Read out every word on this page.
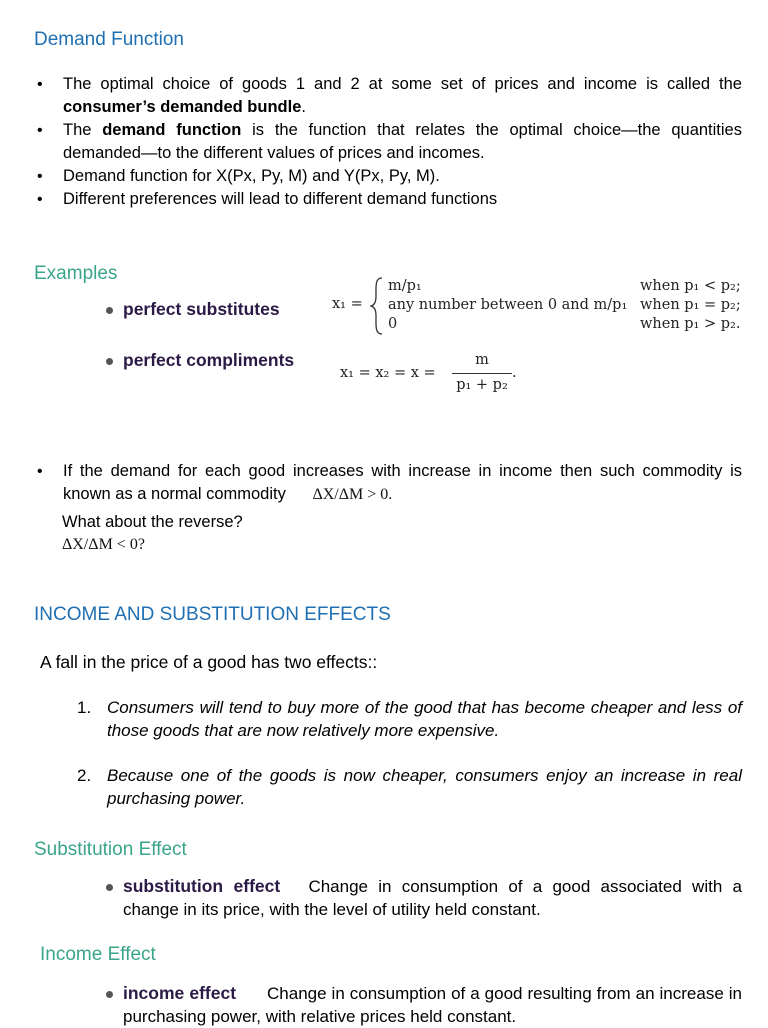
Demand Function
• The optimal choice of goods 1 and 2 at some set of prices and income is called the consumer’s demanded bundle.
• The demand function is the function that relates the optimal choice—the quantities demanded—to the different values of prices and incomes.
• Demand function for X(Px, Py, M) and Y(Px, Py, M).
• Different preferences will lead to different demand functions
Examples
perfect substitutes	x₁ =
m/p₁
any number between 0 and m/p₁
0
when p₁ < p₂;
when p₁ = p₂;
when p₁ > p₂.
perfect compliments
x₁ = x₂ = x =
m
p₁ + p₂
.
•	If the demand for each good increases with increase in income then such commodity is known as a normal commodity ΔX/ΔM > 0.
What about the reverse?
ΔX/ΔM < 0?
INCOME AND SUBSTITUTION EFFECTS
A fall in the price of a good has two effects::
1. Consumers will tend to buy more of the good that has become cheaper and less of those goods that are now relatively more expensive.
2. Because one of the goods is now cheaper, consumers enjoy an increase in real purchasing power.
Substitution Effect
substitution effect Change in consumption of a good associated with a change in its price, with the level of utility held constant.
Income Effect
income effect Change in consumption of a good resulting from an increase in purchasing power, with relative prices held constant.
